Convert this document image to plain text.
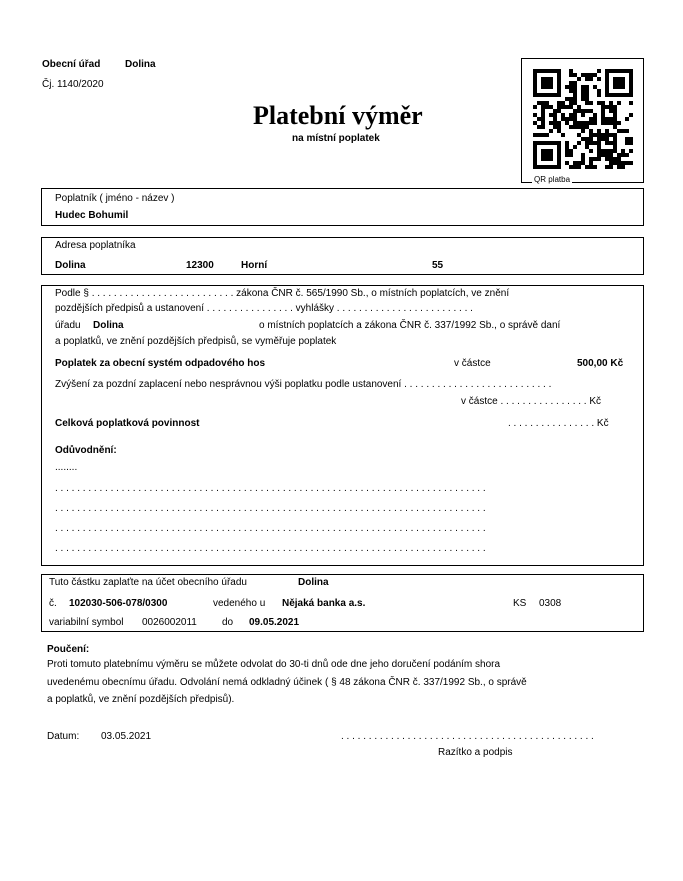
Obecní úřad Dolina
Čj. 1140/2020
Platební výměr
na místní poplatek
QR platba
Poplatník ( jméno - název )
Hudec Bohumil
Adresa poplatníka
Dolina	12300	Horní	55
Podle § . . . . . . . . . . . . . . . . . . . . . . . . . . zákona ČNR č. 565/1990 Sb., o místních poplatcích, ve znění
pozdějších předpisů a ustanovení . . . . . . . . . . . . . . . . vyhlášky . . . . . . . . . . . . . . . . . . . . . . . . .
úřadu Dolina	o místních poplatcích a zákona ČNR č. 337/1992 Sb., o správě daní
a poplatků, ve znění pozdějších předpisů, se vyměřuje poplatek
Poplatek za obecní systém odpadového hos	v částce	500,00 Kč
Zvýšení za pozdní zaplacení nebo nesprávnou výši poplatku podle ustanovení . . . . . . . . . . . . . . . . . . . . . . . . . . .
v částce . . . . . . . . . . . . . . . . Kč
Celková poplatková povinnost	. . . . . . . . . . . . . . . . Kč
Odůvodnění:
........
. . . . . . . . . . . . . . . . . . . . . . . . . . . . . . . . . . . . . . . . . . . . . . . . . . . . . . . . . . . . . . . . . . . . . . . . . . . . . .
. . . . . . . . . . . . . . . . . . . . . . . . . . . . . . . . . . . . . . . . . . . . . . . . . . . . . . . . . . . . . . . . . . . . . . . . . . . . . .
. . . . . . . . . . . . . . . . . . . . . . . . . . . . . . . . . . . . . . . . . . . . . . . . . . . . . . . . . . . . . . . . . . . . . . . . . . . . . .
. . . . . . . . . . . . . . . . . . . . . . . . . . . . . . . . . . . . . . . . . . . . . . . . . . . . . . . . . . . . . . . . . . . . . . . . . . . . . .
Tuto částku zaplaťte na účet obecního úřadu	Dolina
č. 102030-506-078/0300	vedeného u Nějaká banka a.s.	KS 0308
variabilní symbol 0026002011	do 09.05.2021
Poučení:
Proti tomuto platebnímu výměru se můžete odvolat do 30-ti dnů ode dne jeho doručení podáním shora
uvedenému obecnímu úřadu. Odvolání nemá odkladný účinek ( § 48 zákona ČNR č. 337/1992 Sb., o správě
a poplatků, ve znění pozdějších předpisů).
Datum: 03.05.2021	. . . . . . . . . . . . . . . . . . . . . . . . . . . . . . . . . . . . . . . . . . . . . .
Razítko a podpis
